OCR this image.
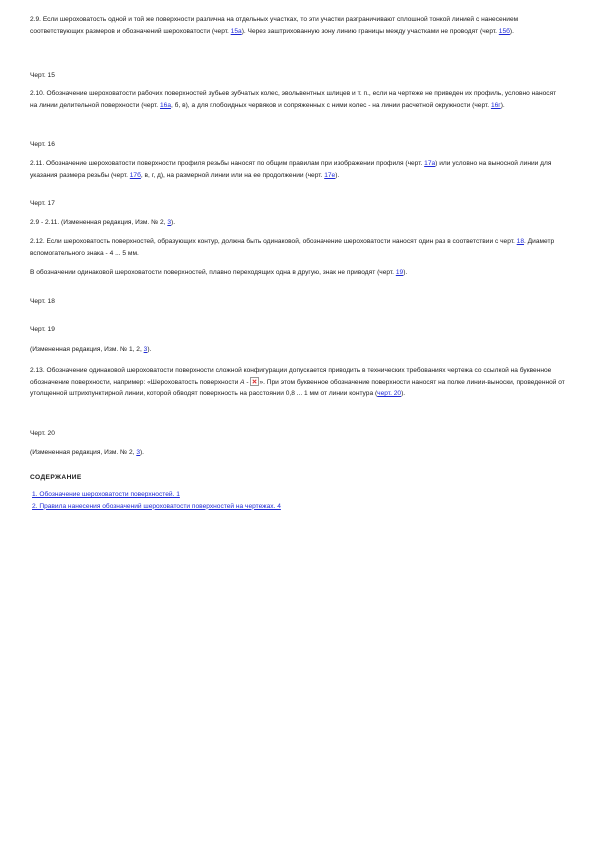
2.9. Если шероховатость одной и той же поверхности различна на отдельных участках, то эти участки разграничивают сплошной тонкой линией с нанесением соответствующих размеров и обозначений шероховатости (черт. 15а). Через заштрихованную зону линию границы между участками не проводят (черт. 15б).

Черт. 15

2.10. Обозначение шероховатости рабочих поверхностей зубьев зубчатых колес, эвольвентных шлицев и т. п., если на чертеже не приведен их профиль, условно наносят на линии делительной поверхности (черт. 16а, б, в), а для глобоидных червяков и сопряженных с ними колес - на линии расчетной окружности (черт. 16г).

Черт. 16

2.11. Обозначение шероховатости поверхности профиля резьбы наносят по общим правилам при изображении профиля (черт. 17а) или условно на выносной линии для указания размера резьбы (черт. 17б, в, г, д), на размерной линии или на ее продолжении (черт. 17е).

Черт. 17

2.9 - 2.11. (Измененная редакция, Изм. № 2, 3).

2.12. Если шероховатость поверхностей, образующих контур, должна быть одинаковой, обозначение шероховатости наносят один раз в соответствии с черт. 18. Диаметр вспомогательного знака - 4 ... 5 мм.

В обозначении одинаковой шероховатости поверхностей, плавно переходящих одна в другую, знак не приводят (черт. 19).

Черт. 18

Черт. 19

(Измененная редакция, Изм. № 1, 2, 3).

2.13. Обозначение одинаковой шероховатости поверхности сложной конфигурации допускается приводить в технических требованиях чертежа со ссылкой на буквенное обозначение поверхности, например: «Шероховатость поверхности А - ». При этом буквенное обозначение поверхности наносят на полке линии-выноски, проведенной от утолщенной штрихпунктирной линии, которой обводят поверхность на расстоянии 0,8 ... 1 мм от линии контура (черт. 20).

Черт. 20

(Измененная редакция, Изм. № 2, 3).

СОДЕРЖАНИЕ

1. Обозначение шероховатости поверхностей. 1
2. Правила нанесения обозначений шероховатости поверхностей на чертежах. 4
